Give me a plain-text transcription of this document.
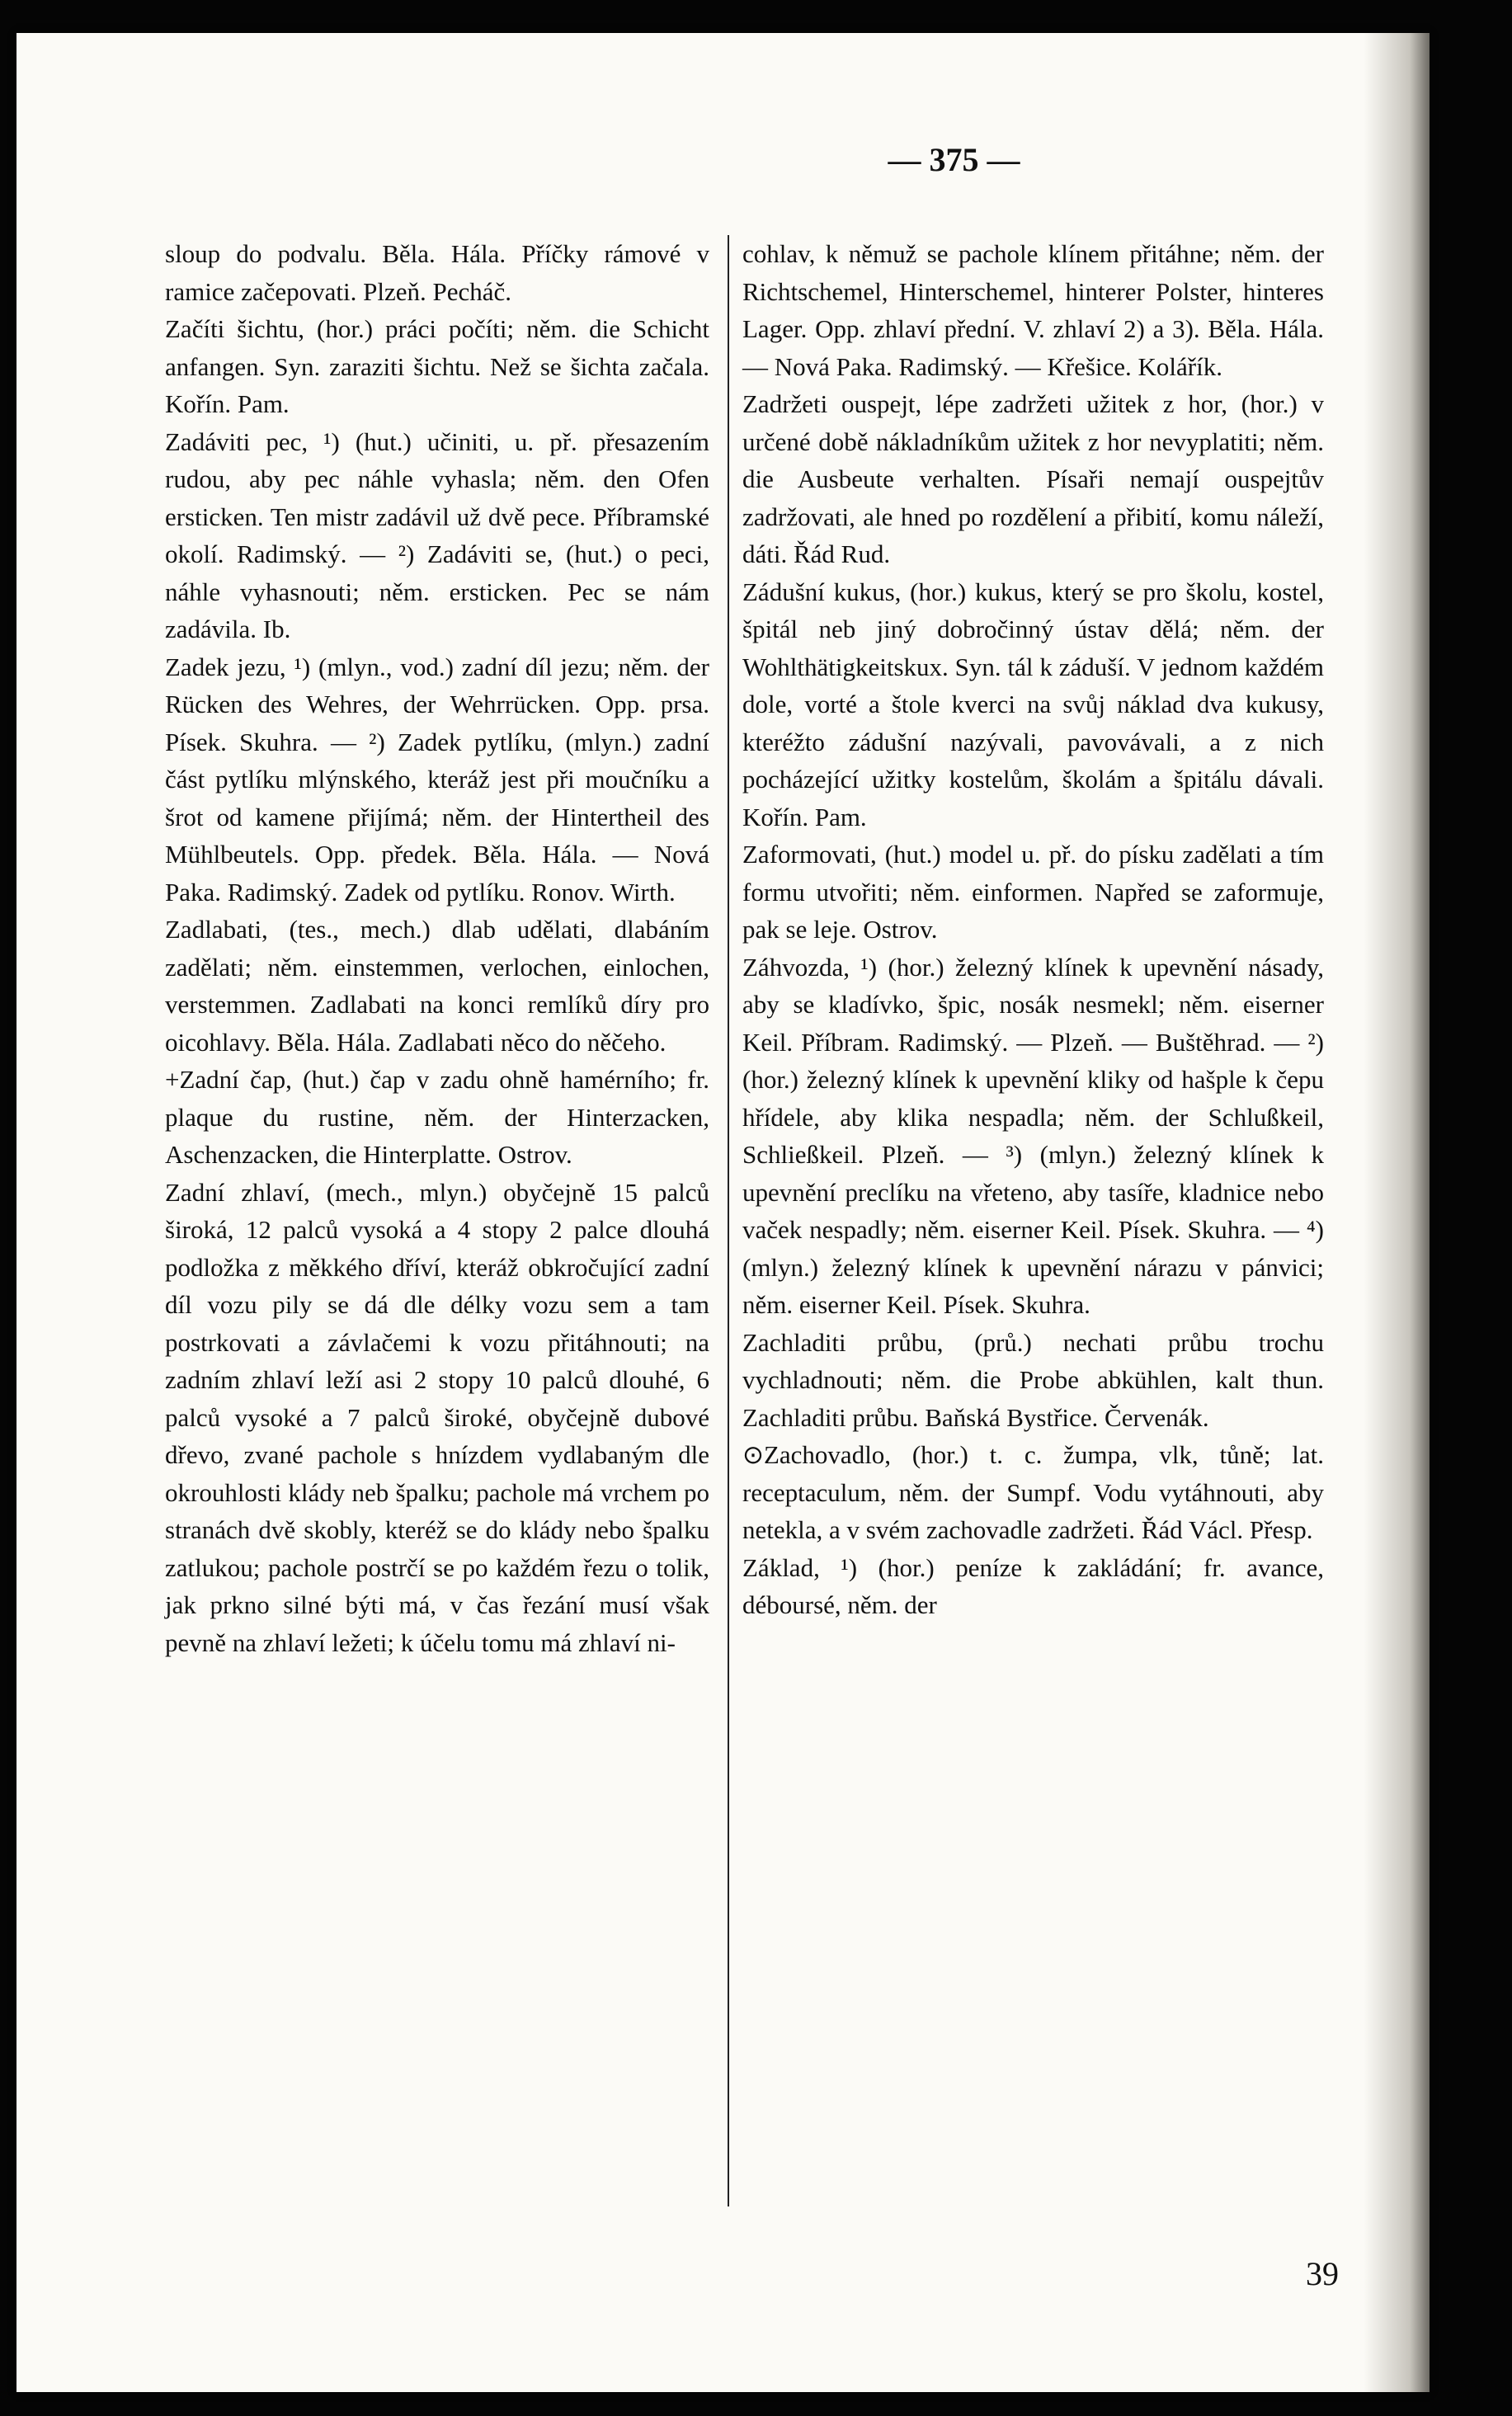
— 375 —

sloup do podvalu. Běla. Hála. Příčky rámové v ramice začepovati. Plzeň. Pecháč.

Začíti šichtu, (hor.) práci počíti; něm. die Schicht anfangen. Syn. zaraziti šichtu. Než se šichta začala. Kořín. Pam.

Zadáviti pec, ¹) (hut.) učiniti, u. př. přesazením rudou, aby pec náhle vyhasla; něm. den Ofen ersticken. Ten mistr zadávil už dvě pece. Příbramské okolí. Radimský. — ²) Zadáviti se, (hut.) o peci, náhle vyhasnouti; něm. ersticken. Pec se nám zadávila. Ib.

Zadek jezu, ¹) (mlyn., vod.) zadní díl jezu; něm. der Rücken des Wehres, der Wehrrücken. Opp. prsa. Písek. Skuhra. — ²) Zadek pytlíku, (mlyn.) zadní část pytlíku mlýnského, kteráž jest při moučníku a šrot od kamene přijímá; něm. der Hintertheil des Mühlbeutels. Opp. předek. Běla. Hála. — Nová Paka. Radimský. Zadek od pytlíku. Ronov. Wirth.

Zadlabati, (tes., mech.) dlab udělati, dlabáním zadělati; něm. einstemmen, verlochen, einlochen, verstemmen. Zadlabati na konci remlíků díry pro oicohlavy. Běla. Hála. Zadlabati něco do něčeho.

+Zadní čap, (hut.) čap v zadu ohně hamérního; fr. plaque du rustine, něm. der Hinterzacken, Aschenzacken, die Hinterplatte. Ostrov.

Zadní zhlaví, (mech., mlyn.) obyčejně 15 palců široká, 12 palců vysoká a 4 stopy 2 palce dlouhá podložka z měkkého dříví, kteráž obkročující zadní díl vozu pily se dá dle délky vozu sem a tam postrkovati a závlačemi k vozu přitáhnouti; na zadním zhlaví leží asi 2 stopy 10 palců dlouhé, 6 palců vysoké a 7 palců široké, obyčejně dubové dřevo, zvané pachole s hnízdem vydlabaným dle okrouhlosti klády neb špalku; pachole má vrchem po stranách dvě skobly, kteréž se do klády nebo špalku zatlukou; pachole postrčí se po každém řezu o tolik, jak prkno silné býti má, v čas řezání musí však pevně na zhlaví ležeti; k účelu tomu má zhlaví ni-

cohlav, k němuž se pachole klínem přitáhne; něm. der Richtschemel, Hinterschemel, hinterer Polster, hinteres Lager. Opp. zhlaví přední. V. zhlaví 2) a 3). Běla. Hála. — Nová Paka. Radimský. — Křešice. Kolářík.

Zadržeti ouspejt, lépe zadržeti užitek z hor, (hor.) v určené době nákladníkům užitek z hor nevyplatiti; něm. die Ausbeute verhalten. Písaři nemají ouspejtův zadržovati, ale hned po rozdělení a přibití, komu náleží, dáti. Řád Rud.

Zádušní kukus, (hor.) kukus, který se pro školu, kostel, špitál neb jiný dobročinný ústav dělá; něm. der Wohlthätigkeitskux. Syn. tál k záduší. V jednom každém dole, vorté a štole kverci na svůj náklad dva kukusy, kteréžto zádušní nazývali, pavovávali, a z nich pocházející užitky kostelům, školám a špitálu dávali. Kořín. Pam.

Zaformovati, (hut.) model u. př. do písku zadělati a tím formu utvořiti; něm. einformen. Napřed se zaformuje, pak se leje. Ostrov.

Záhvozda, ¹) (hor.) železný klínek k upevnění násady, aby se kladívko, špic, nosák nesmekl; něm. eiserner Keil. Příbram. Radimský. — Plzeň. — Buštěhrad. — ²) (hor.) železný klínek k upevnění kliky od hašple k čepu hřídele, aby klika nespadla; něm. der Schlußkeil, Schließkeil. Plzeň. — ³) (mlyn.) železný klínek k upevnění preclíku na vřeteno, aby tasíře, kladnice nebo vaček nespadly; něm. eiserner Keil. Písek. Skuhra. — ⁴) (mlyn.) železný klínek k upevnění nárazu v pánvici; něm. eiserner Keil. Písek. Skuhra.

Zachladiti průbu, (prů.) nechati průbu trochu vychladnouti; něm. die Probe abkühlen, kalt thun. Zachladiti průbu. Baňská Bystřice. Červenák.

⊙Zachovadlo, (hor.) t. c. žumpa, vlk, tůně; lat. receptaculum, něm. der Sumpf. Vodu vytáhnouti, aby netekla, a v svém zachovadle zadržeti. Řád Václ. Přesp.

Základ, ¹) (hor.) peníze k zakládání; fr. avance, déboursé, něm. der

39
